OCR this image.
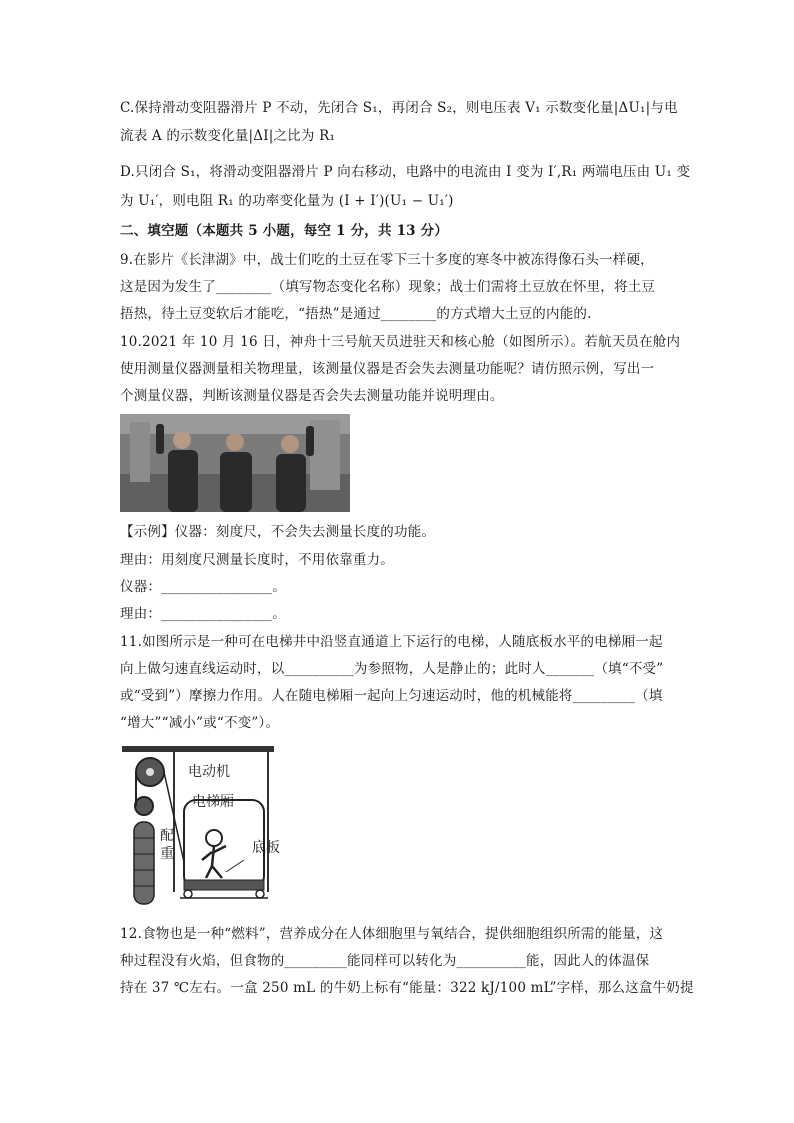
C.保持滑动变阻器滑片 P 不动，先闭合 S₁，再闭合 S₂，则电压表 V₁ 示数变化量|ΔU₁|与电
流表 A 的示数变化量|ΔI|之比为 R₁
D.只闭合 S₁，将滑动变阻器滑片 P 向右移动，电路中的电流由 I 变为 I′,R₁ 两端电压由 U₁ 变
为 U₁′，则电阻 R₁ 的功率变化量为 (I + I′)(U₁ − U₁′)
二、填空题（本题共 5 小题，每空 1 分，共 13 分）
9.在影片《长津湖》中，战士们吃的土豆在零下三十多度的寒冬中被冻得像石头一样硬，
这是因为发生了________（填写物态变化名称）现象；战士们需将土豆放在怀里，将土豆
捂热，待土豆变软后才能吃，“捂热”是通过________的方式增大土豆的内能的.
10.2021 年 10 月 16 日，神舟十三号航天员进驻天和核心舱（如图所示）。若航天员在舱内
使用测量仪器测量相关物理量，该测量仪器是否会失去测量功能呢？请仿照示例，写出一
个测量仪器，判断该测量仪器是否会失去测量功能并说明理由。
【示例】仪器：刻度尺，不会失去测量长度的功能。
理由：用刻度尺测量长度时，不用依靠重力。
仪器：________________。
理由：________________。
11.如图所示是一种可在电梯井中沿竖直通道上下运行的电梯，人随底板水平的电梯厢一起
向上做匀速直线运动时，以__________为参照物，人是静止的；此时人_______（填“不受”
或“受到”）摩擦力作用。人在随电梯厢一起向上匀速运动时，他的机械能将_________（填
“增大”“减小”或“不变”）。
电动机
电梯厢
底板
配
重
12.食物也是一种“燃料”，营养成分在人体细胞里与氧结合，提供细胞组织所需的能量，这
种过程没有火焰，但食物的_________能同样可以转化为__________能，因此人的体温保
持在 37 ℃左右。一盒 250 mL 的牛奶上标有“能量：322 kJ/100 mL”字样，那么这盒牛奶提
